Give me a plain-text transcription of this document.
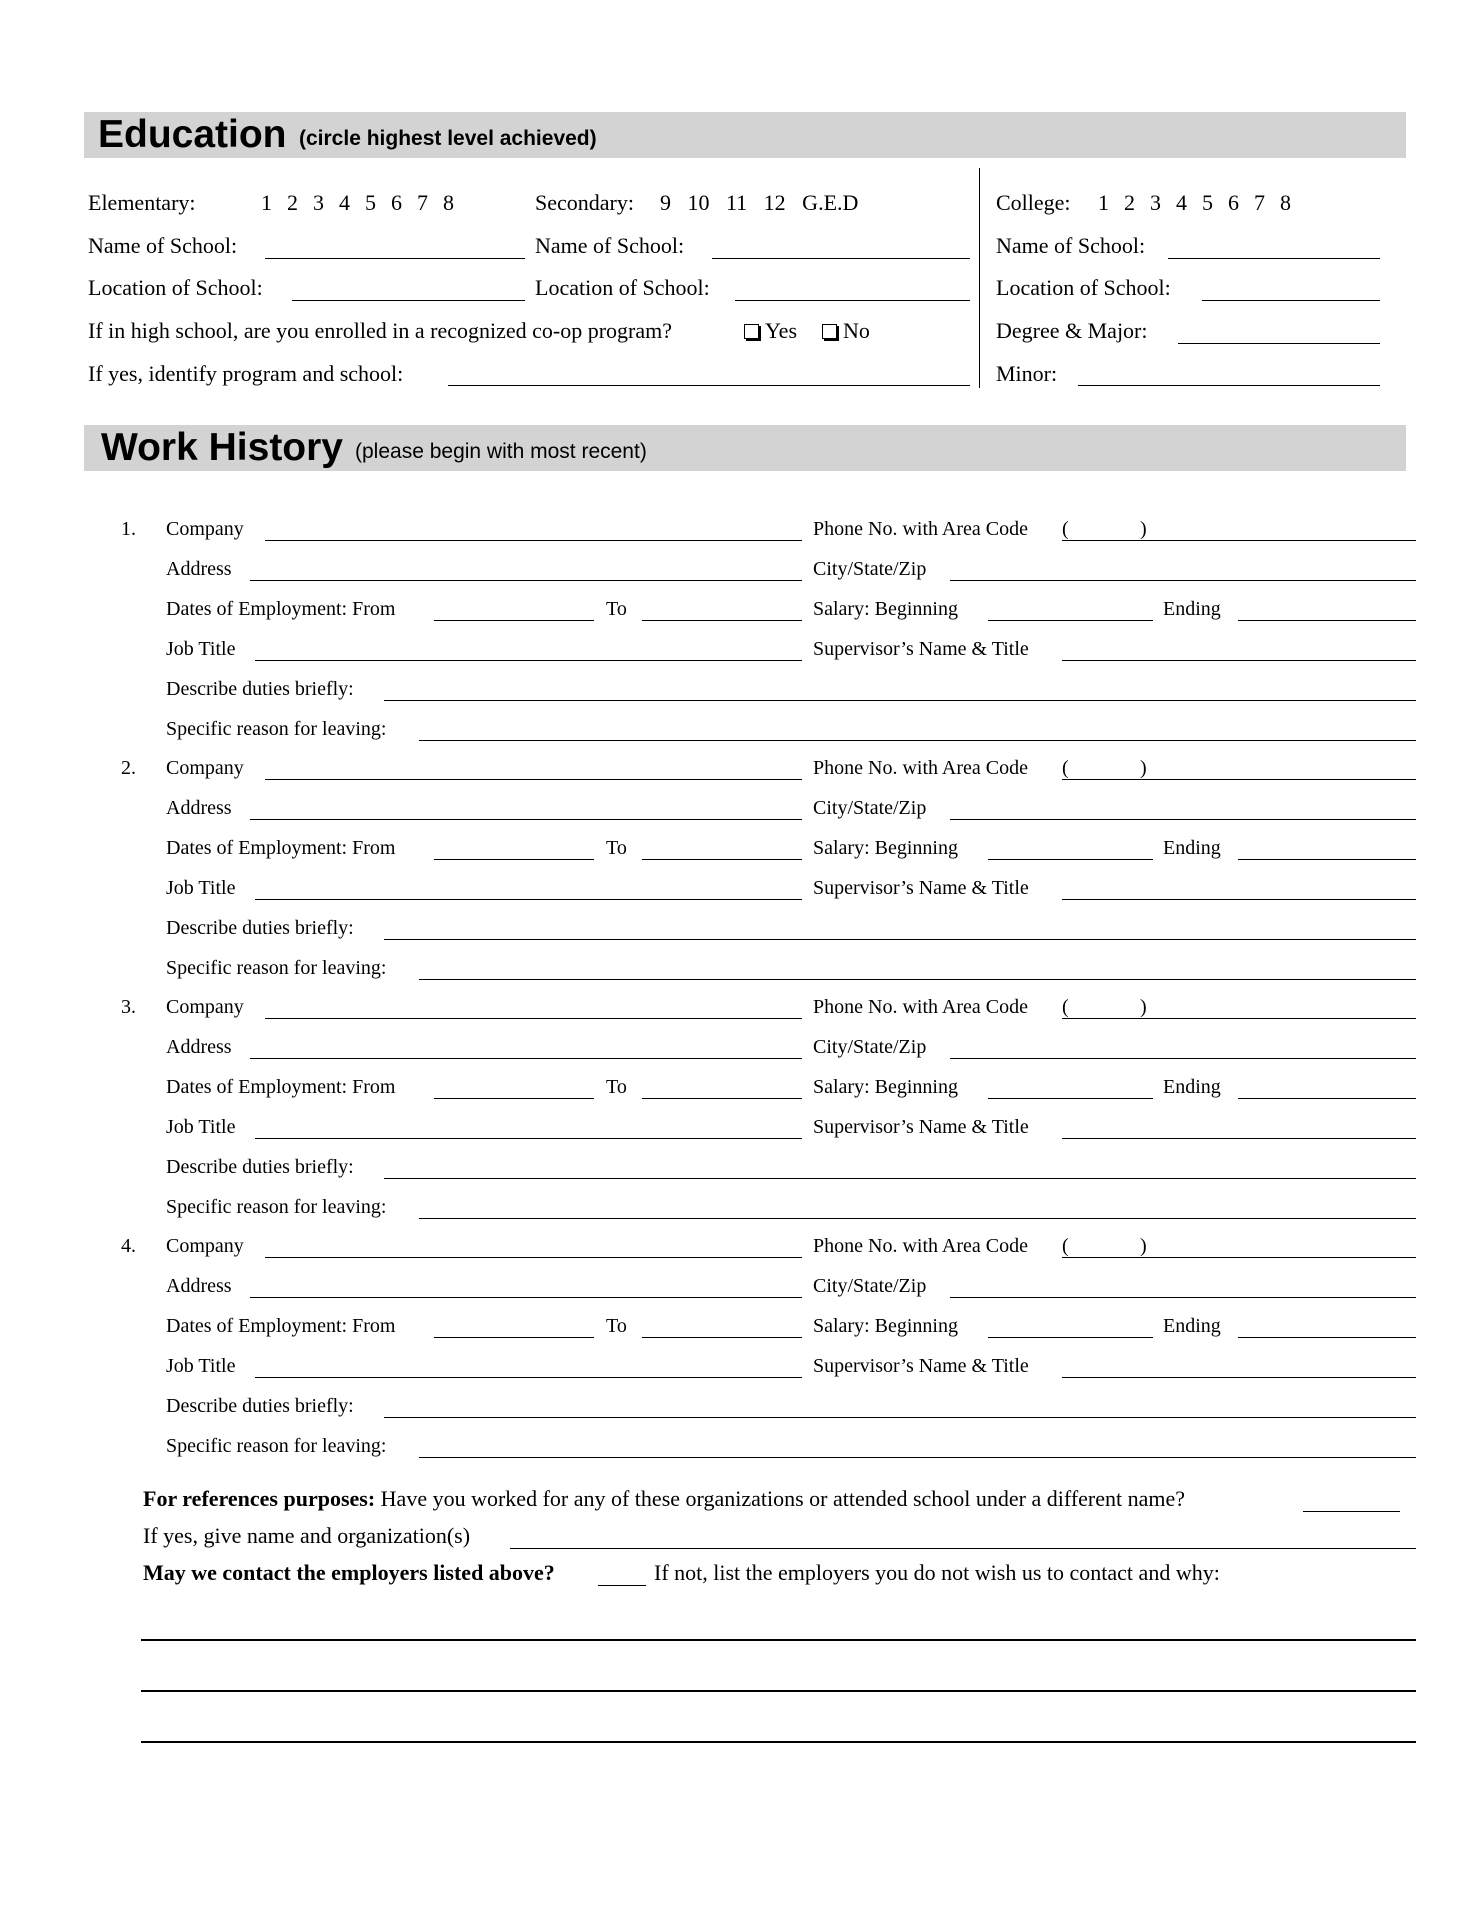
Education (circle highest level achieved)
Elementary:	1  2  3  4  5  6  7  8	Secondary: 9   10   11   12   G.E.D
Name of School:	Name of School:
Location of School:	Location of School:
If in high school, are you enrolled in a recognized co-op program?	Yes	No
If yes, identify program and school:
College: 1  2  3  4  5  6  7  8
Name of School:
Location of School:
Degree & Major:
Minor:
Work History (please begin with most recent)
1. Company	Phone No. with Area Code (	)
Address	City/State/Zip
Dates of Employment: From	To	Salary: Beginning	Ending
Job Title	Supervisor’s Name & Title
Describe duties briefly:
Specific reason for leaving:
2. Company	Phone No. with Area Code (	)
Address	City/State/Zip
Dates of Employment: From	To	Salary: Beginning	Ending
Job Title	Supervisor’s Name & Title
Describe duties briefly:
Specific reason for leaving:
3. Company	Phone No. with Area Code (	)
Address	City/State/Zip
Dates of Employment: From	To	Salary: Beginning	Ending
Job Title	Supervisor’s Name & Title
Describe duties briefly:
Specific reason for leaving:
4. Company	Phone No. with Area Code (	)
Address	City/State/Zip
Dates of Employment: From	To	Salary: Beginning	Ending
Job Title	Supervisor’s Name & Title
Describe duties briefly:
Specific reason for leaving:
For references purposes: Have you worked for any of these organizations or attended school under a different name?
If yes, give name and organization(s)
May we contact the employers listed above?	If not, list the employers you do not wish us to contact and why:
